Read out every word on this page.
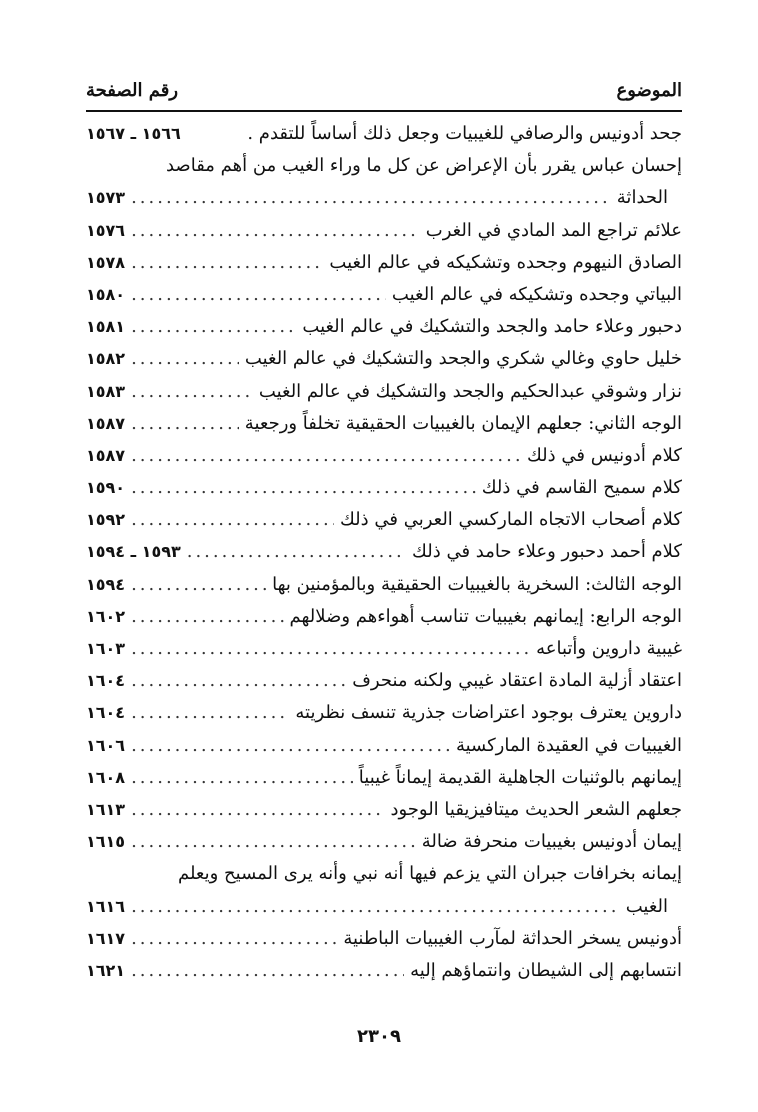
الموضوع
رقم الصفحة
جحد أدونيس والرصافي للغيبيات وجعل ذلك أساساً للتقدم .
١٥٦٦ ـ ١٥٦٧
إحسان عباس يقرر بأن الإعراض عن كل ما وراء الغيب من أهم مقاصد
الحداثة
.....
١٥٧٣
علائم تراجع المد المادي في الغرب
.....
١٥٧٦
الصادق النيهوم وجحده وتشكيكه في عالم الغيب
.....
١٥٧٨
البياتي وجحده وتشكيكه في عالم الغيب
.....
١٥٨٠
دحبور وعلاء حامد والجحد والتشكيك في عالم الغيب
.....
١٥٨١
خليل حاوي وغالي شكري والجحد والتشكيك في عالم الغيب
.....
١٥٨٢
نزار وشوقي عبدالحكيم والجحد والتشكيك في عالم الغيب
.....
١٥٨٣
الوجه الثاني: جعلهم الإيمان بالغيبيات الحقيقية تخلفاً ورجعية
.....
١٥٨٧
كلام أدونيس في ذلك
.....
١٥٨٧
كلام سميح القاسم في ذلك
.....
١٥٩٠
كلام أصحاب الاتجاه الماركسي العربي في ذلك
.....
١٥٩٢
كلام أحمد دحبور وعلاء حامد في ذلك
.....
١٥٩٣ ـ ١٥٩٤
الوجه الثالث: السخرية بالغيبيات الحقيقية وبالمؤمنين بها
.....
١٥٩٤
الوجه الرابع: إيمانهم بغيبيات تناسب أهواءهم وضلالهم
.....
١٦٠٢
غيبية داروين وأتباعه
.....
١٦٠٣
اعتقاد أزلية المادة اعتقاد غيبي ولكنه منحرف
.....
١٦٠٤
داروين يعترف بوجود اعتراضات جذرية تنسف نظريته
.....
١٦٠٤
الغيبيات في العقيدة الماركسية
.....
١٦٠٦
إيمانهم بالوثنيات الجاهلية القديمة إيماناً غيبياً
.....
١٦٠٨
جعلهم الشعر الحديث ميتافيزيقيا الوجود
.....
١٦١٣
إيمان أدونيس بغيبيات منحرفة ضالة
.....
١٦١٥
إيمانه بخرافات جبران التي يزعم فيها أنه نبي وأنه يرى المسيح ويعلم
الغيب
.....
١٦١٦
أدونيس يسخر الحداثة لمآرب الغيبيات الباطنية
.....
١٦١٧
انتسابهم إلى الشيطان وانتماؤهم إليه
.....
١٦٢١
٢٣٠٩
